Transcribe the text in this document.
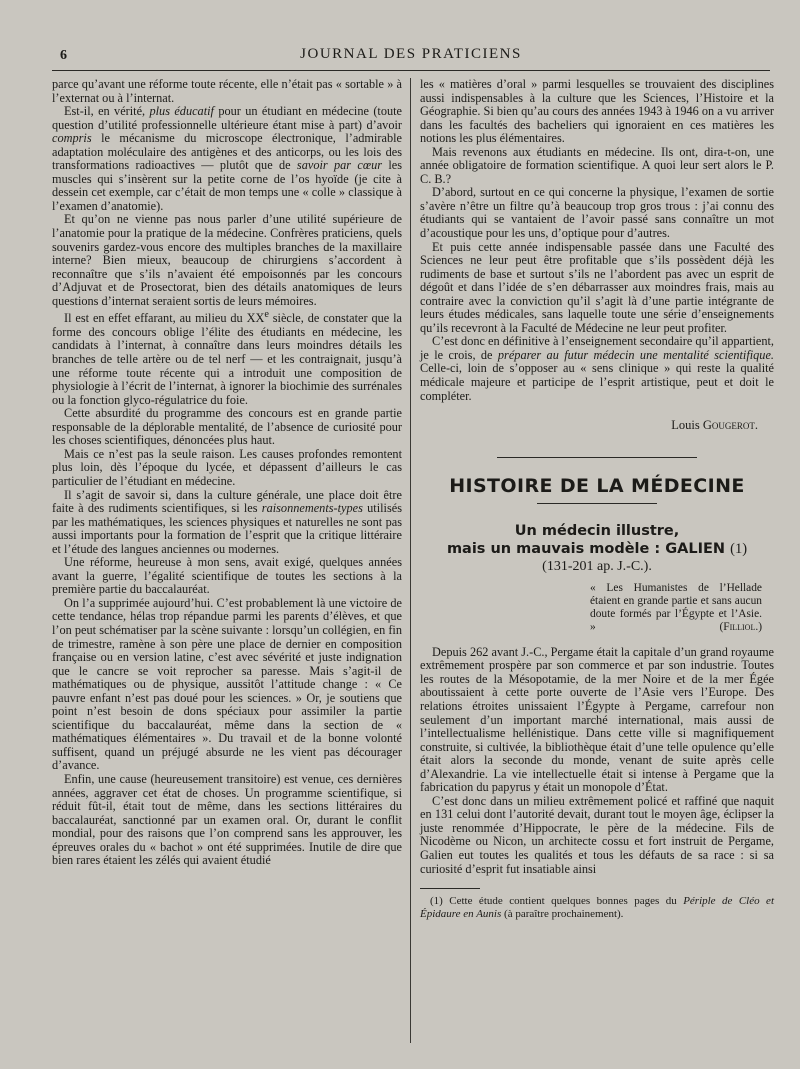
6	JOURNAL DES PRATICIENS

parce qu’avant une réforme toute récente, elle n’était pas « sortable » à l’externat ou à l’internat.

Est-il, en vérité, plus éducatif pour un étudiant en médecine (toute question d’utilité professionnelle ultérieure étant mise à part) d’avoir compris le mécanisme du microscope électronique, l’admirable adaptation moléculaire des antigènes et des anticorps, ou les lois des transformations radioactives — plutôt que de savoir par cœur les muscles qui s’insèrent sur la petite corne de l’os hyoïde (je cite à dessein cet exemple, car c’était de mon temps une « colle » classique à l’examen d’anatomie).

Et qu’on ne vienne pas nous parler d’une utilité supérieure de l’anatomie pour la pratique de la médecine. Confrères praticiens, quels souvenirs gardez-vous encore des multiples branches de la maxillaire interne? Bien mieux, beaucoup de chirurgiens s’accordent à reconnaître que s’ils n’avaient été empoisonnés par les concours d’Adjuvat et de Prosectorat, bien des détails anatomiques de leurs questions d’internat seraient sortis de leurs mémoires.

Il est en effet effarant, au milieu du XXe siècle, de constater que la forme des concours oblige l’élite des étudiants en médecine, les candidats à l’internat, à connaître dans leurs moindres détails les branches de telle artère ou de tel nerf — et les contraignait, jusqu’à une réforme toute récente qui a introduit une composition de physiologie à l’écrit de l’internat, à ignorer la biochimie des surrénales ou la fonction glyco-régulatrice du foie.

Cette absurdité du programme des concours est en grande partie responsable de la déplorable mentalité, de l’absence de curiosité pour les choses scientifiques, dénoncées plus haut.

Mais ce n’est pas la seule raison. Les causes profondes remontent plus loin, dès l’époque du lycée, et dépassent d’ailleurs le cas particulier de l’étudiant en médecine.

Il s’agit de savoir si, dans la culture générale, une place doit être faite à des rudiments scientifiques, si les raisonnements-types utilisés par les mathématiques, les sciences physiques et naturelles ne sont pas aussi importants pour la formation de l’esprit que la critique littéraire et l’étude des langues anciennes ou modernes.

Une réforme, heureuse à mon sens, avait exigé, quelques années avant la guerre, l’égalité scientifique de toutes les sections à la première partie du baccalauréat.

On l’a supprimée aujourd’hui. C’est probablement là une victoire de cette tendance, hélas trop répandue parmi les parents d’élèves, et que l’on peut schématiser par la scène suivante : lorsqu’un collégien, en fin de trimestre, ramène à son père une place de dernier en composition française ou en version latine, c’est avec sévérité et juste indignation que le cancre se voit reprocher sa paresse. Mais s’agit-il de mathématiques ou de physique, aussitôt l’attitude change : « Ce pauvre enfant n’est pas doué pour les sciences. » Or, je soutiens que point n’est besoin de dons spéciaux pour assimiler la partie scientifique du baccalauréat, même dans la section de « mathématiques élémentaires ». Du travail et de la bonne volonté suffisent, quand un préjugé absurde ne les vient pas décourager d’avance.

Enfin, une cause (heureusement transitoire) est venue, ces dernières années, aggraver cet état de choses. Un programme scientifique, si réduit fût-il, était tout de même, dans les sections littéraires du baccalauréat, sanctionné par un examen oral. Or, durant le conflit mondial, pour des raisons que l’on comprend sans les approuver, les épreuves orales du « bachot » ont été supprimées. Inutile de dire que bien rares étaient les zélés qui avaient étudié

les « matières d’oral » parmi lesquelles se trouvaient des disciplines aussi indispensables à la culture que les Sciences, l’Histoire et la Géographie. Si bien qu’au cours des années 1943 à 1946 on a vu arriver dans les facultés des bacheliers qui ignoraient en ces matières les notions les plus élémentaires.

Mais revenons aux étudiants en médecine. Ils ont, dira-t-on, une année obligatoire de formation scientifique. A quoi leur sert alors le P. C. B.?

D’abord, surtout en ce qui concerne la physique, l’examen de sortie s’avère n’être un filtre qu’à beaucoup trop gros trous : j’ai connu des étudiants qui se vantaient de l’avoir passé sans connaître un mot d’acoustique pour les uns, d’optique pour d’autres.

Et puis cette année indispensable passée dans une Faculté des Sciences ne leur peut être profitable que s’ils possèdent déjà les rudiments de base et surtout s’ils ne l’abordent pas avec un esprit de dégoût et dans l’idée de s’en débarrasser aux moindres frais, mais au contraire avec la conviction qu’il s’agit là d’une partie intégrante de leurs études médicales, sans laquelle toute une série d’enseignements qu’ils recevront à la Faculté de Médecine ne leur peut profiter.

C’est donc en définitive à l’enseignement secondaire qu’il appartient, je le crois, de préparer au futur médecin une mentalité scientifique. Celle-ci, loin de s’opposer au « sens clinique » qui reste la qualité médicale majeure et participe de l’esprit artistique, peut et doit le compléter.

Louis Gougerot.
HISTOIRE DE LA MÉDECINE
Un médecin illustre,
mais un mauvais modèle : GALIEN (1)
(131-201 ap. J.-C.).

« Les Humanistes de l’Hellade étaient en grande partie et sans aucun doute formés par l’Égypte et l’Asie. »	(Filliol.)

Depuis 262 avant J.-C., Pergame était la capitale d’un grand royaume extrêmement prospère par son commerce et par son industrie. Toutes les routes de la Mésopotamie, de la mer Noire et de la mer Égée aboutissaient à cette porte ouverte de l’Asie vers l’Europe. Des relations étroites unissaient l’Égypte à Pergame, carrefour non seulement d’un important marché international, mais aussi de l’intellectualisme hellénistique. Dans cette ville si magnifiquement construite, si cultivée, la bibliothèque était d’une telle opulence qu’elle était alors la seconde du monde, venant de suite après celle d’Alexandrie. La vie intellectuelle était si intense à Pergame que la fabrication du papyrus y était un monopole d’État.

C’est donc dans un milieu extrêmement policé et raffiné que naquit en 131 celui dont l’autorité devait, durant tout le moyen âge, éclipser la juste renommée d’Hippocrate, le père de la médecine. Fils de Nicodème ou Nicon, un architecte cossu et fort instruit de Pergame, Galien eut toutes les qualités et tous les défauts de sa race : si sa curiosité d’esprit fut insatiable ainsi

(1) Cette étude contient quelques bonnes pages du Périple de Cléo et Épidaure en Aunis (à paraître prochainement).
